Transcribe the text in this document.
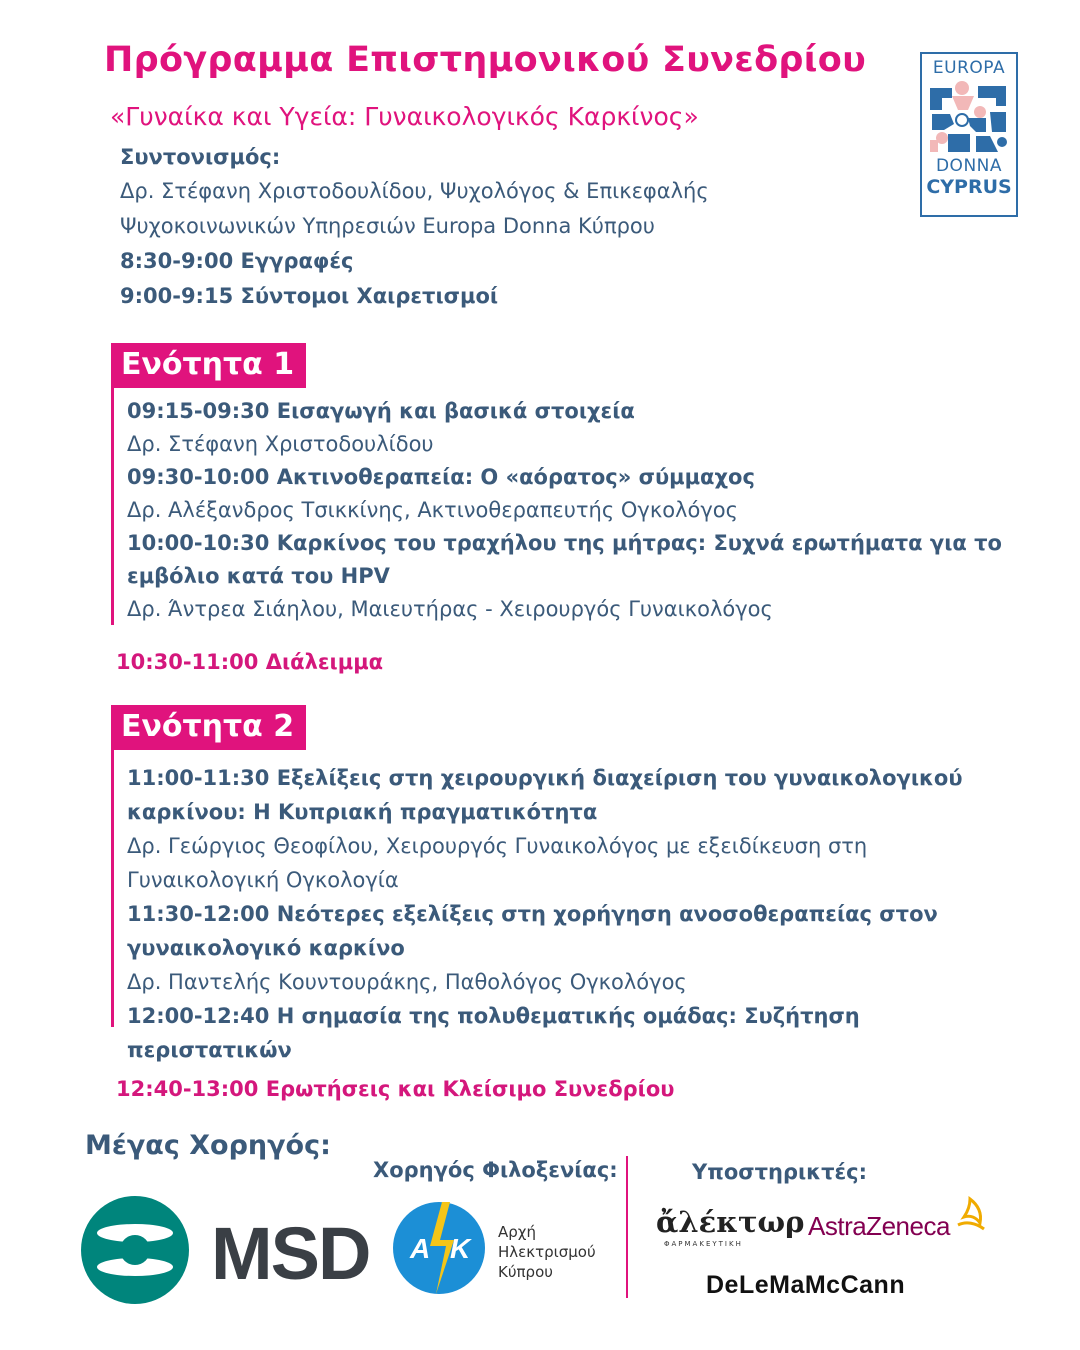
Πρόγραμμα Επιστημονικού Συνεδρίου
«Γυναίκα και Υγεία: Γυναικολογικός Καρκίνος»
EUROPA
DONNA
CYPRUS
Συντονισμός:
Δρ. Στέφανη Χριστοδουλίδου, Ψυχολόγος & Επικεφαλής
Ψυχοκοινωνικών Υπηρεσιών Europa Donna Κύπρου
8:30-9:00 Εγγραφές
9:00-9:15 Σύντομοι Χαιρετισμοί
Ενότητα 1
09:15-09:30 Εισαγωγή και βασικά στοιχεία
Δρ. Στέφανη Χριστοδουλίδου
09:30-10:00 Ακτινοθεραπεία: Ο «αόρατος» σύμμαχος
Δρ. Αλέξανδρος Τσικκίνης, Ακτινοθεραπευτής Ογκολόγος
10:00-10:30 Καρκίνος του τραχήλου της μήτρας: Συχνά ερωτήματα για το
εμβόλιο κατά του HPV
Δρ. Άντρεα Σιάηλου, Μαιευτήρας - Χειρουργός Γυναικολόγος
10:30-11:00 Διάλειμμα
Ενότητα 2
11:00-11:30 Εξελίξεις στη χειρουργική διαχείριση του γυναικολογικού
καρκίνου: Η Κυπριακή πραγματικότητα
Δρ. Γεώργιος Θεοφίλου, Χειρουργός Γυναικολόγος με εξειδίκευση στη
Γυναικολογική Ογκολογία
11:30-12:00 Νεότερες εξελίξεις στη χορήγηση ανοσοθεραπείας στον
γυναικολογικό καρκίνο
Δρ. Παντελής Κουντουράκης, Παθολόγος Ογκολόγος
12:00-12:40 Η σημασία της πολυθεματικής ομάδας: Συζήτηση
περιστατικών
12:40-13:00 Ερωτήσεις και Κλείσιμο Συνεδρίου
Μέγας Χορηγός:
Χορηγός Φιλοξενίας:	Υποστηρικτές:
MSD A K
Αρχή
Ηλεκτρισμού
Κύπρου
ἄλέκτωρ
ΦΑΡΜΑΚΕΥΤΙΚΗ
AstraZeneca
DeLeMaMcCann
